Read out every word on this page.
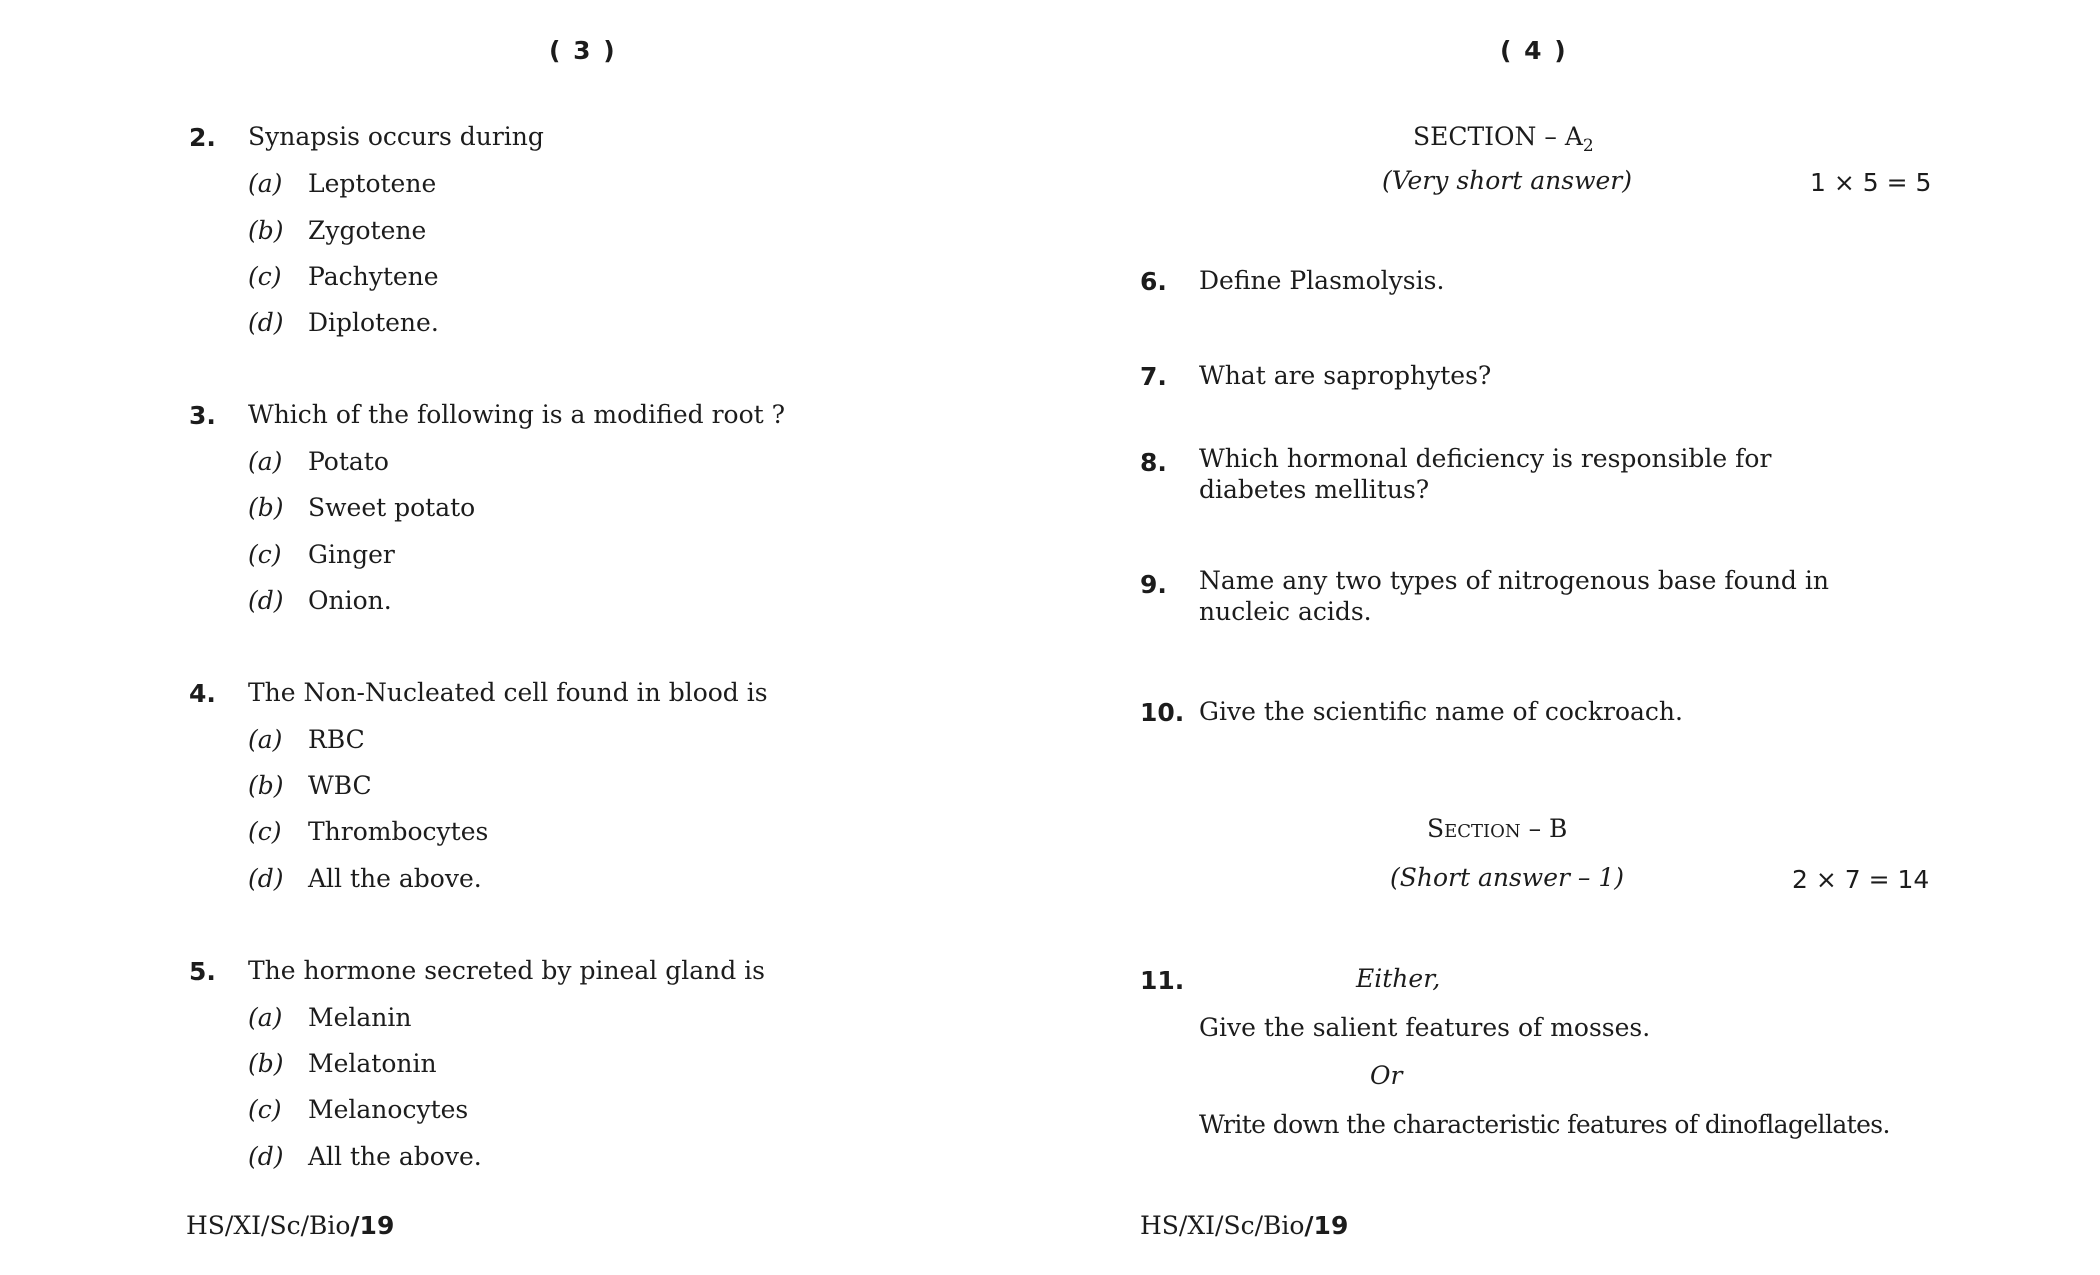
( 3 )
2. Synapsis occurs during
(a) Leptotene
(b) Zygotene
(c) Pachytene
(d) Diplotene.
3. Which of the following is a modified root ?
(a) Potato
(b) Sweet potato
(c) Ginger
(d) Onion.
4. The Non-Nucleated cell found in blood is
(a) RBC
(b) WBC
(c) Thrombocytes
(d) All the above.
5. The hormone secreted by pineal gland is
(a) Melanin
(b) Melatonin
(c) Melanocytes
(d) All the above.
HS/XI/Sc/Bio/19
( 4 )
SECTION – $A_2$
(Very short answer)	1 × 5 = 5
6. Define Plasmolysis.
7. What are saprophytes?
8. Which hormonal deficiency is responsible for diabetes mellitus?
9. Name any two types of nitrogenous base found in nucleic acids.
10. Give the scientific name of cockroach.
Section – B
(Short answer – 1)	2 × 7 = 14
11.	Either,
Give the salient features of mosses.
Or
Write down the characteristic features of dinoflagellates.
HS/XI/Sc/Bio/19
